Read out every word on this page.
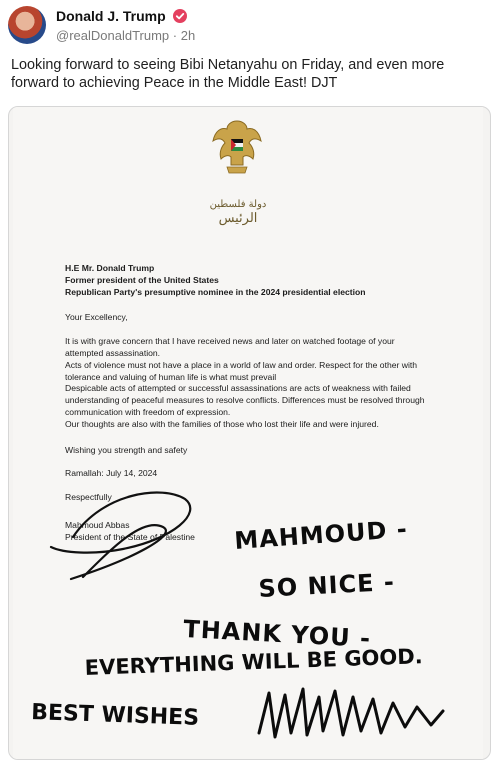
Donald J. Trump
@realDonaldTrump · 2h
Looking forward to seeing Bibi Netanyahu on Friday, and even more forward to achieving Peace in the Middle East! DJT
دولة فلسطين
الرئيس
H.E Mr. Donald Trump
Former president of the United States
Republican Party's presumptive nominee in the 2024 presidential election
Your Excellency,

It is with grave concern that I have received news and later on watched footage of your attempted assassination.

Acts of violence must not have a place in a world of law and order. Respect for the other with tolerance and valuing of human life is what must prevail

Despicable acts of attempted or successful assassinations are acts of weakness with failed understanding of peaceful measures to resolve conflicts. Differences must be resolved through communication with freedom of expression.

Our thoughts are also with the families of those who lost their life and were injured.

Wishing you strength and safety
Ramallah: July 14, 2024
Respectfully
Mahmoud Abbas
President of the State of Palestine	MAHMOUD -
SO NICE -
THANK YOU -
EVERYTHING WILL BE GOOD.
BEST WISHES
